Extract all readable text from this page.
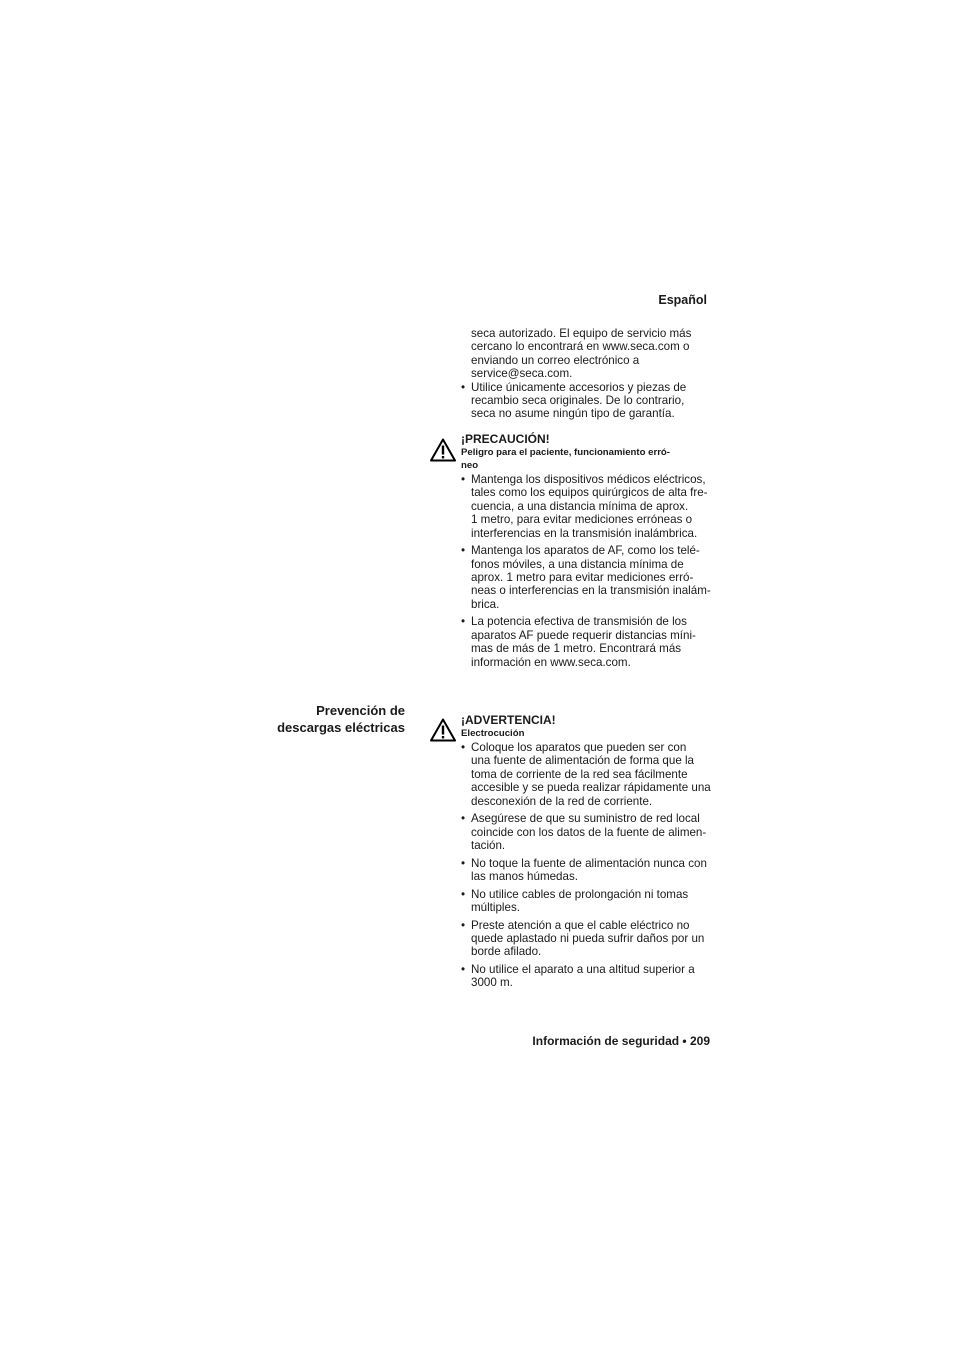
Español
seca autorizado. El equipo de servicio más
cercano lo encontrará en www.seca.com o
enviando un correo electrónico a
service@seca.com.
• Utilice únicamente accesorios y piezas de
recambio seca originales. De lo contrario,
seca no asume ningún tipo de garantía.
¡PRECAUCIÓN!
Peligro para el paciente, funcionamiento erró-
neo
• Mantenga los dispositivos médicos eléctricos,
tales como los equipos quirúrgicos de alta fre-
cuencia, a una distancia mínima de aprox.
1 metro, para evitar mediciones erróneas o
interferencias en la transmisión inalámbrica.
• Mantenga los aparatos de AF, como los telé-
fonos móviles, a una distancia mínima de
aprox. 1 metro para evitar mediciones erró-
neas o interferencias en la transmisión inalám-
brica.
• La potencia efectiva de transmisión de los
aparatos AF puede requerir distancias míni-
mas de más de 1 metro. Encontrará más
información en www.seca.com.
Prevención de
descargas eléctricas	¡ADVERTENCIA!
Electrocución
• Coloque los aparatos que pueden ser con
una fuente de alimentación de forma que la
toma de corriente de la red sea fácilmente
accesible y se pueda realizar rápidamente una
desconexión de la red de corriente.
• Asegúrese de que su suministro de red local
coincide con los datos de la fuente de alimen-
tación.
• No toque la fuente de alimentación nunca con
las manos húmedas.
• No utilice cables de prolongación ni tomas
múltiples.
• Preste atención a que el cable eléctrico no
quede aplastado ni pueda sufrir daños por un
borde afilado.
• No utilice el aparato a una altitud superior a
3000 m.
Información de seguridad • 209
